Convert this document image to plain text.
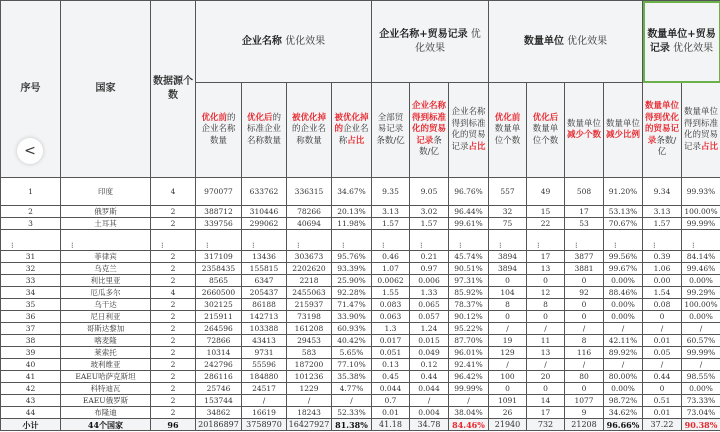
序号	国家	数据源个数	企业名称 优化效果				企业名称+贸易记录 优化效果			数量单位 优化效果				数量单位+贸易记录 优化效果	
			优化前的企业名称数量	优化后的标准企业名称数量	被优化掉的企业名称数量	被优化掉的企业名称占比	全部贸易记录条数/亿	企业名称得到标准化的贸易记录条数/亿	企业名称得到标准化的贸易记录占比	优化前数量单位个数	优化后数量单位个数	数量单位减少个数	数量单位减少比例	数量单位得到优化的贸易记录条数/亿	数量单位得到标准化的贸易记录占比
1	印度	4	970077	633762	336315	34.67%	9.35	9.05	96.76%	557	49	508	91.20%	9.34	99.93%
2	俄罗斯	2	388712	310446	78266	20.13%	3.13	3.02	96.44%	32	15	17	53.13%	3.13	100.00%
3	土耳其	2	339756	299062	40694	11.98%	1.57	1.57	99.61%	75	22	53	70.67%	1.57	99.99%
⁝	⁝	⁝	⁝	⁝	⁝	⁝	⁝	⁝	⁝	⁝	⁝	⁝	⁝	⁝	⁝
31	菲律宾	2	317109	13436	303673	95.76%	0.46	0.21	45.74%	3894	17	3877	99.56%	0.39	84.14%
32	乌克兰	2	2358435	155815	2202620	93.39%	1.07	0.97	90.51%	3894	13	3881	99.67%	1.06	99.46%
33	利比里亚	2	8565	6347	2218	25.90%	0.0062	0.006	97.31%	0	0	0	0.00%	0.00	0.00%
34	厄瓜多尔	4	2660500	205437	2455063	92.28%	1.55	1.33	85.92%	104	12	92	88.46%	1.54	99.29%
35	乌干达	2	302125	86188	215937	71.47%	0.083	0.065	78.37%	8	8	0	0.00%	0.08	100.00%
36	尼日利亚	2	215911	142713	73198	33.90%	0.063	0.057	90.12%	0	0	0	0.00%	0	0.00%
37	哥斯达黎加	2	264596	103388	161208	60.93%	1.3	1.24	95.22%	/	/	/	/	/	/
38	喀麦隆	2	72866	43413	29453	40.42%	0.017	0.015	87.70%	19	11	8	42.11%	0.01	60.57%
39	莱索托	2	10314	9731	583	5.65%	0.051	0.049	96.01%	129	13	116	89.92%	0.05	99.99%
40	玻利维亚	2	242796	55596	187200	77.10%	0.13	0.12	92.41%	/	/	/	/	/	/
41	EAEU哈萨克斯坦	2	286116	184880	101236	35.38%	0.45	0.44	96.42%	100	20	80	80.00%	0.44	98.55%
42	科特迪瓦	2	25746	24517	1229	4.77%	0.044	0.044	99.99%	0	0	0	0.00%	0	0.00%
43	EAEU俄罗斯	2	153744	/	/	/	0.7	/	/	1091	14	1077	98.72%	0.51	73.33%
44	布隆迪	2	34862	16619	18243	52.33%	0.01	0.004	38.04%	26	17	9	34.62%	0.01	73.04%
小计	44个国家	96	20186897	3758970	16427927	81.38%	41.18	34.78	84.46%	21940	732	21208	96.66%	37.22	90.38%
<
